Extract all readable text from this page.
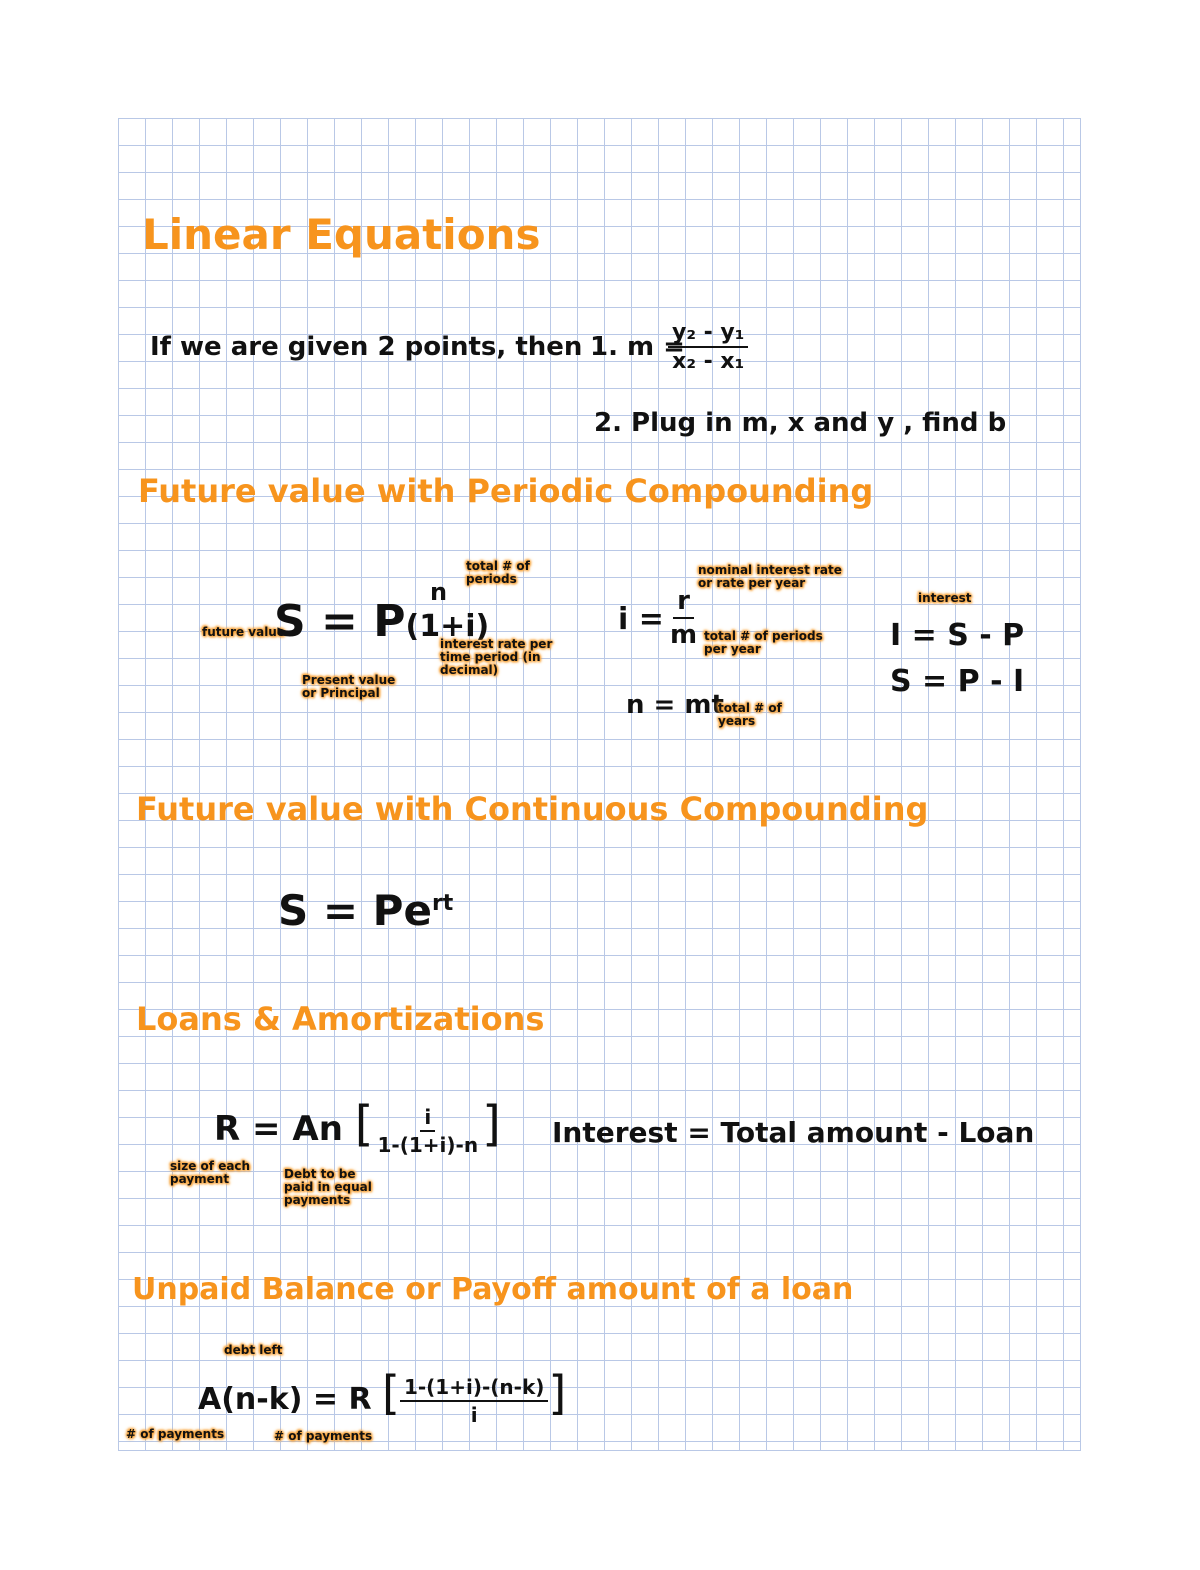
Linear Equations
If we are given 2 points, then 1. m =
$\frac{\text{y₂ - y₁}}{\text{x₂ - x₁}}$
2. Plug in m, x and y , find b
Future value with Periodic Compounding
future value
S = P(1+i)
n
total # of periods
interest rate per time period (in decimal)
Present value or Principal
$i = \frac{r}{m}$
nominal interest rate or rate per year
total # of periods per year
n = mt
total # of years
interest
I = S - P
S = P - I
Future value with Continuous Compounding
$S = Pe^{rt}$
Loans & Amortizations
R = An [ $\frac{i}{1-(1+i)-n}$ ]
size of each payment	Debt to be paid in equal payments
Interest = Total amount - Loan
Unpaid Balance or Payoff amount of a loan
debt left
A(n-k) = R [ $\frac{1-(1+i)-(n-k)}{i}$ ]
# of payments	# of payments
